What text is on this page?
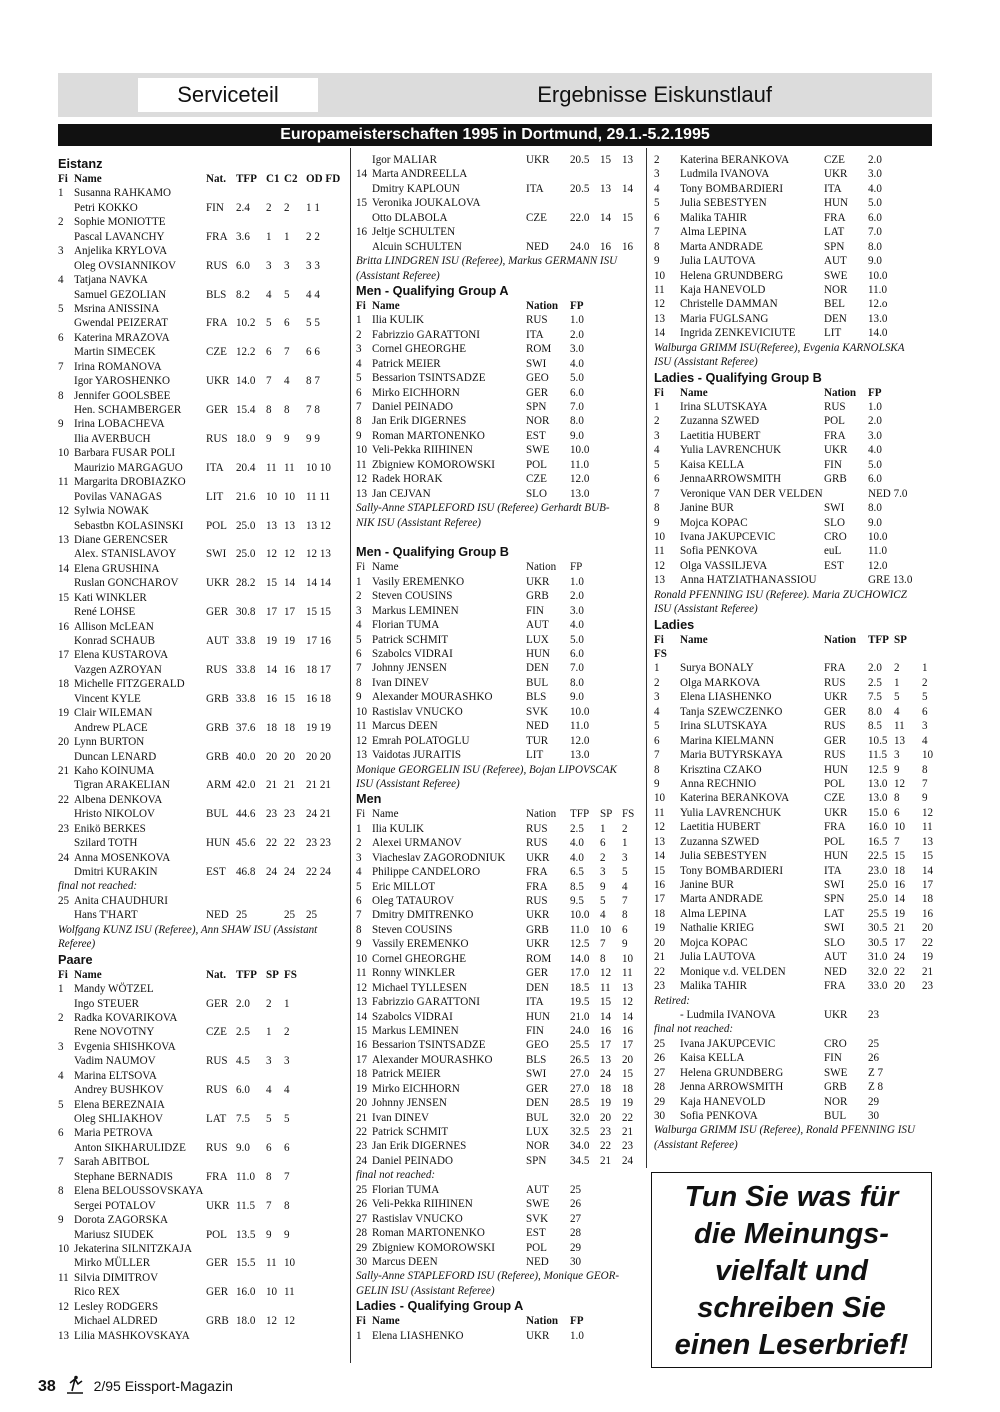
Serviceteil	Ergebnisse Eiskunstlauf
Europameisterschaften 1995 in Dortmund, 29.1.-5.2.1995
Eistanz
Fi Name	Nat. TFP C1 C2 OD FD
1 Susanna RAHKAMO
Petri KOKKO	FIN 2.4 2 2 1 1
2 Sophie MONIOTTE
Pascal LAVANCHY	FRA 3.6 1 1 2 2
3 Anjelika KRYLOVA
Oleg OVSIANNIKOV	RUS 6.0 3 3 3 3
4 Tatjana NAVKA
Samuel GEZOLIAN	BLS 8.2 4 5 4 4
5 Msrina ANISSINA
Gwendal PEIZERAT	FRA 10.2 5 6 5 5
6 Katerina MRAZOVA
Martin SIMECEK	CZE 12.2 6 7 6 6
7 Irina ROMANOVA
Igor YAROSHENKO	UKR 14.0 7 4 8 7
8 Jennifer GOOLSBEE
Hen. SCHAMBERGER GER 15.4 8 8 7 8
9 Irina LOBACHEVA
Ilia AVERBUCH	RUS 18.0 9 9 9 9
10 Barbara FUSAR POLI
Maurizio MARGAGUO ITA 20.4 11 11 10 10
11 Margarita DROBIAZKO
Povilas VANAGAS	LIT 21.6 10 10 11 11
12 Sylwia NOWAK
Sebastbn KOLASINSKI POL 25.0 13 13 13 12
13 Diane GERENCSER
Alex. STANISLAVOY	SWI 25.0 12 12 12 13
14 Elena GRUSHINA
Ruslan GONCHAROV UKR 28.2 15 14 14 14
15 Kati WINKLER
René LOHSE	GER 30.8 17 17 15 15
16 Allison McLEAN
Konrad SCHAUB	AUT 33.8 19 19 17 16
17 Elena KUSTAROVA
Vazgen AZROYAN	RUS 33.8 14 16 18 17
18 Michelle FITZGERALD
Vincent KYLE	GRB 33.8 16 15 16 18
19 Clair WILEMAN
Andrew PLACE	GRB 37.6 18 18 19 19
20 Lynn BURTON
Duncan LENARD	GRB 40.0 20 20 20 20
21 Kaho KOINUMA
Tigran ARAKELIAN	ARM 42.0 21 21 21 21
22 Albena DENKOVA
Hristo NIKOLOV	BUL 44.6 23 23 24 21
23 Enikö BERKES
Szilard TOTH	HUN 45.6 22 22 23 23
24 Anna MOSENKOVA
Dmitri KURAKIN	EST 46.8 24 24 22 24
final not reached:
25 Anita CHAUDHURI
Hans T'HART	NED 25	25 25
Wolfgang KUNZ ISU (Referee), Ann SHAW ISU (Assistant
Referee)
Paare
Fi Name	Nat. TFP SP FS
1 Mandy WÖTZEL
Ingo STEUER	GER 2.0 2 1
2 Radka KOVARIKOVA
Rene NOVOTNY	CZE 2.5 1 2
3 Evgenia SHISHKOVA
Vadim NAUMOV	RUS 4.5 3 3
4 Marina ELTSOVA
Andrey BUSHKOV	RUS 6.0 4 4
5 Elena BEREZNAIA
Oleg SHLIAKHOV	LAT 7.5 5 5
6 Maria PETROVA
Anton SIKHARULIDZE RUS 9.0 6 6
7 Sarah ABITBOL
Stephane BERNADIS	FRA 11.0 8 7
8 Elena BELOUSSOVSKAYA
Sergei POTALOV	UKR 11.5 7 8
9 Dorota ZAGORSKA
Mariusz SIUDEK	POL 13.5 9 9
10 Jekaterina SILNITZKAJA
Mirko MÜLLER	GER 15.5 11 10
11 Silvia DIMITROV
Rico REX	GER 16.0 10 11
12 Lesley RODGERS
Michael ALDRED	GRB 18.0 12 12
13 Lilia MASHKOVSKAYA
Igor MALIAR	UKR 20.5 15 13
14 Marta ANDREELLA
Dmitry KAPLOUN	ITA 20.5 13 14
15 Veronika JOUKALOVA
Otto DLABOLA	CZE 22.0 14 15
16 Jeltje SCHULTEN
Alcuin SCHULTEN	NED 24.0 16 16
Britta LINDGREN ISU (Referee), Markus GERMANN ISU
(Assistant Referee)
Men - Qualifying Group A
Fi Name	Nation FP
1 Ilia KULIK	RUS 1.0
2 Fabrizzio GARATTONI	ITA 2.0
3 Cornel GHEORGHE	ROM 3.0
4 Patrick MEIER	SWI 4.0
5 Bessarion TSINTSADZE	GEO 5.0
6 Mirko EICHHORN	GER 6.0
7 Daniel PEINADO	SPN 7.0
8 Jan Erik DIGERNES	NOR 8.0
9 Roman MARTONENKO	EST 9.0
10 Veli-Pekka RIIHINEN	SWE 10.0
11 Zbigniew KOMOROWSKI	POL 11.0
12 Radek HORAK	CZE 12.0
13 Jan CEJVAN	SLO 13.0
Sally-Anne STAPLEFORD ISU (Referee) Gerhardt BUB-
NIK ISU (Assistant Referee)
Men - Qualifying Group B
Fi Name	Nation FP
1 Vasily EREMENKO	UKR 1.0
2 Steven COUSINS	GRB 2.0
3 Markus LEMINEN	FIN 3.0
4 Florian TUMA	AUT 4.0
5 Patrick SCHMIT	LUX 5.0
6 Szabolcs VIDRAI	HUN 6.0
7 Johnny JENSEN	DEN 7.0
8 Ivan DINEV	BUL 8.0
9 Alexander MOURASHKO	BLS 9.0
10 Rastislav VNUCKO	SVK 10.0
11 Marcus DEEN	NED 11.0
12 Emrah POLATOGLU	TUR 12.0
13 Vaidotas JURAITIS	LIT 13.0
Monique GEORGELIN ISU (Referee), Bojan LIPOVSCAK
ISU (Assistant Referee)
Men
Fi Name	Nation TFP SP FS
1 Ilia KULIK	RUS 2.5 1 2
2 Alexei URMANOV	RUS 4.0 6 1
3 Viacheslav ZAGORODNIUK UKR 4.0 2 3
4 Philippe CANDELORO	FRA 6.5 3 5
5 Eric MILLOT	FRA 8.5 9 4
6 Oleg TATAUROV	RUS 9.5 5 7
7 Dmitry DMITRENKO	UKR 10.0 4 8
8 Steven COUSINS	GRB 11.0 10 6
9 Vassily EREMENKO	UKR 12.5 7 9
10 Cornel GHEORGHE	ROM 14.0 8 10
11 Ronny WINKLER	GER 17.0 12 11
12 Michael TYLLESEN	DEN 18.5 11 13
13 Fabrizzio GARATTONI	ITA 19.5 15 12
14 Szabolcs VIDRAI	HUN 21.0 14 14
15 Markus LEMINEN	FIN 24.0 16 16
16 Bessarion TSINTSADZE	GEO 25.5 17 17
17 Alexander MOURASHKO	BLS 26.5 13 20
18 Patrick MEIER	SWI 27.0 24 15
19 Mirko EICHHORN	GER 27.0 18 18
20 Johnny JENSEN	DEN 28.5 19 19
21 Ivan DINEV	BUL 32.0 20 22
22 Patrick SCHMIT	LUX 32.5 23 21
23 Jan Erik DIGERNES	NOR 34.0 22 23
24 Daniel PEINADO	SPN 34.5 21 24
final not reached:
25 Florian TUMA	AUT 25
26 Veli-Pekka RIIHINEN	SWE 26
27 Rastislav VNUCKO	SVK 27
28 Roman MARTONENKO	EST 28
29 Zbigniew KOMOROWSKI	POL 29
30 Marcus DEEN	NED 30
Sally-Anne STAPLEFORD ISU (Referee), Monique GEOR-
GELIN ISU (Assistant Referee)
Ladies - Qualifying Group A
Fi Name	Nation FP
1 Elena LIASHENKO	UKR 1.0
2 Katerina BERANKOVA	CZE 2.0
3 Ludmila IVANOVA	UKR 3.0
4 Tony BOMBARDIERI	ITA 4.0
5 Julia SEBESTYEN	HUN 5.0
6 Malika TAHIR	FRA 6.0
7 Alma LEPINA	LAT 7.0
8 Marta ANDRADE	SPN 8.0
9 Julia LAUTOVA	AUT 9.0
10 Helena GRUNDBERG	SWE 10.0
11 Kaja HANEVOLD	NOR 11.0
12 Christelle DAMMAN	BEL 12.o
13 Maria FUGLSANG	DEN 13.0
14 Ingrida ZENKEVICIUTE	LIT 14.0
Walburga GRIMM ISU(Referee), Evgenia KARNOLSKA
ISU (Assistant Referee)
Ladies - Qualifying Group B
Fi Name	Nation FP
1 Irina SLUTSKAYA	RUS 1.0
2 Zuzanna SZWED	POL 2.0
3 Laetitia HUBERT	FRA 3.0
4 Yulia LAVRENCHUK	UKR 4.0
5 Kaisa KELLA	FIN 5.0
6 JennaARROWSMITH	GRB 6.0
7 Veronique VAN DER VELDEN	NED 7.0
8 Janine BUR	SWI 8.0
9 Mojca KOPAC	SLO 9.0
10 Ivana JAKUPCEVIC	CRO 10.0
11 Sofia PENKOVA	euL 11.0
12 Olga VASSILJEVA	EST 12.0
13 Anna HATZIATHANASSIOU	GRE 13.0
Ronald PFENNING ISU (Referee). Maria ZUCHOWICZ
ISU (Assistant Referee)
Ladies
Fi Name	Nation TFP SP
FS
1 Surya BONALY	FRA 2.0 2 1
2 Olga MARKOVA	RUS 2.5 1 2
3 Elena LIASHENKO	UKR 7.5 5 5
4 Tanja SZEWCZENKO	GER 8.0 4 6
5 Irina SLUTSKAYA	RUS 8.5 11 3
6 Marina KIELMANN	GER 10.5 13 4
7 Maria BUTYRSKAYA	RUS 11.5 3 10
8 Krisztina CZAKO	HUN 12.5 9 8
9 Anna RECHNIO	POL 13.0 12 7
10 Katerina BERANKOVA	CZE 13.0 8 9
11 Yulia LAVRENCHUK	UKR 15.0 6 12
12 Laetitia HUBERT	FRA 16.0 10 11
13 Zuzanna SZWED	POL 16.5 7 13
14 Julia SEBESTYEN	HUN 22.5 15 15
15 Tony BOMBARDIERI	ITA 23.0 18 14
16 Janine BUR	SWI 25.0 16 17
17 Marta ANDRADE	SPN 25.0 14 18
18 Alma LEPINA	LAT 25.5 19 16
19 Nathalie KRIEG	SWI 30.5 21 20
20 Mojca KOPAC	SLO 30.5 17 22
21 Julia LAUTOVA	AUT 31.0 24 19
22 Monique v.d. VELDEN	NED 32.0 22 21
23 Malika TAHIR	FRA 33.0 20 23
Retired:
- Ludmila IVANOVA	UKR 23
final not reached:
25 Ivana JAKUPCEVIC	CRO 25
26 Kaisa KELLA	FIN 26
27 Helena GRUNDBERG	SWE Z 7
28 Jenna ARROWSMITH	GRB Z 8
29 Kaja HANEVOLD	NOR 29
30 Sofia PENKOVA	BUL 30
Walburga GRIMM ISU (Referee), Ronald PFENNING ISU
(Assistant Referee)
Tun Sie was für
die Meinungs-
vielfalt und
schreiben Sie
einen Leserbrief!
38	2/95 Eissport-Magazin
